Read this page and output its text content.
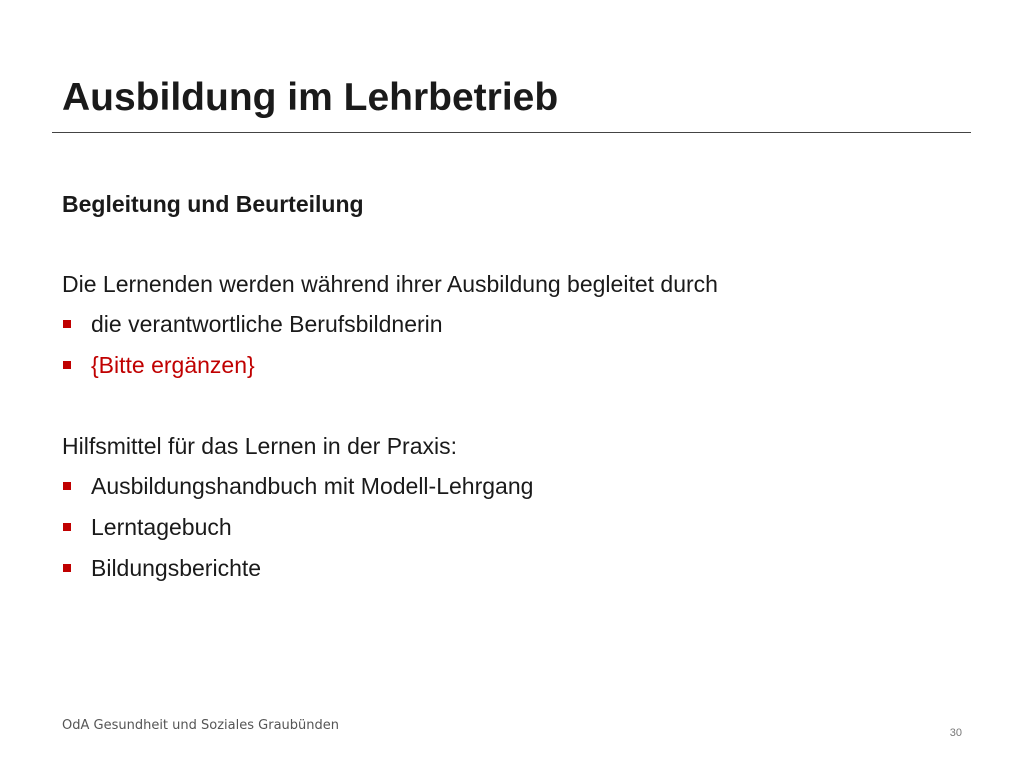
Ausbildung im Lehrbetrieb

Begleitung und Beurteilung

Die Lernenden werden während ihrer Ausbildung begleitet durch

die verantwortliche Berufsbildnerin
{Bitte ergänzen}

Hilfsmittel für das Lernen in der Praxis:

Ausbildungshandbuch mit Modell-Lehrgang
Lerntagebuch
Bildungsberichte
OdA Gesundheit und Soziales Graubünden	30
